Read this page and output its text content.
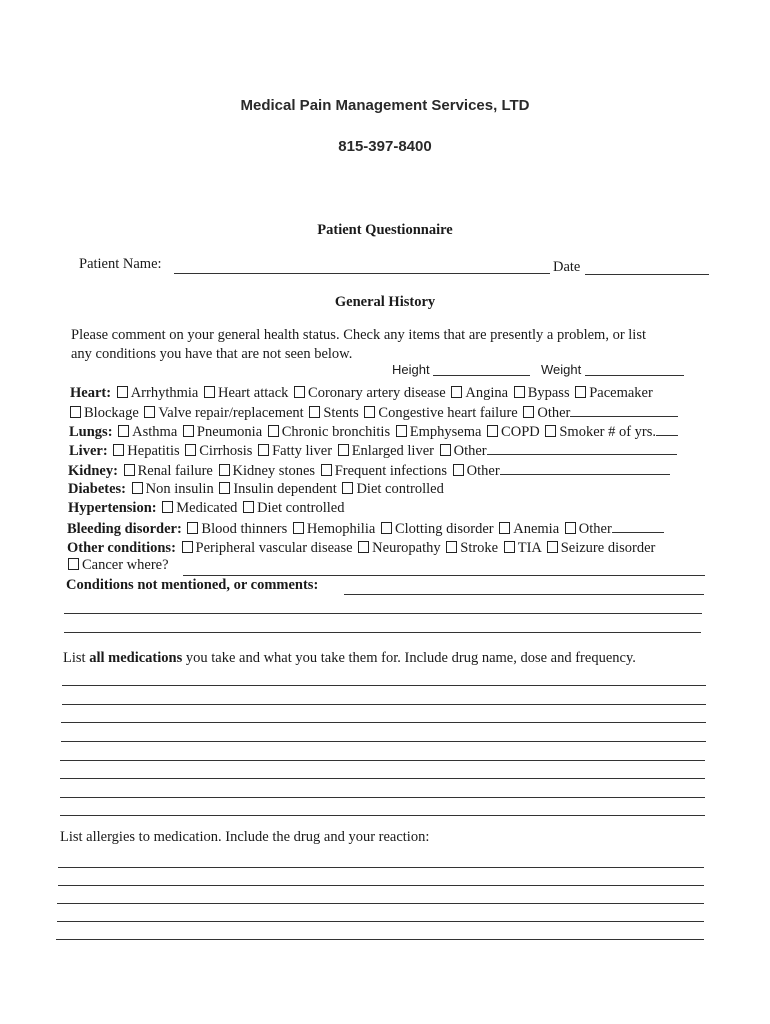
Medical Pain Management Services, LTD
815-397-8400
Patient Questionnaire
Patient Name:	Date
General History
Please comment on your general health status. Check any items that are presently a problem, or list
any conditions you have that are not seen below.
Height	Weight
Heart: Arrhythmia Heart attack Coronary artery disease Angina Bypass Pacemaker
Blockage Valve repair/replacement Stents Congestive heart failure Other
Lungs: Asthma Pneumonia Chronic bronchitis Emphysema COPD Smoker # of yrs.
Liver: Hepatitis Cirrhosis Fatty liver Enlarged liver Other
Kidney: Renal failure Kidney stones Frequent infections Other
Diabetes: Non insulin Insulin dependent Diet controlled
Hypertension: Medicated Diet controlled
Bleeding disorder: Blood thinners Hemophilia Clotting disorder Anemia Other
Other conditions: Peripheral vascular disease Neuropathy Stroke TIA Seizure disorder
Cancer where?
Conditions not mentioned, or comments:
List all medications you take and what you take them for. Include drug name, dose and frequency.
List allergies to medication. Include the drug and your reaction:
